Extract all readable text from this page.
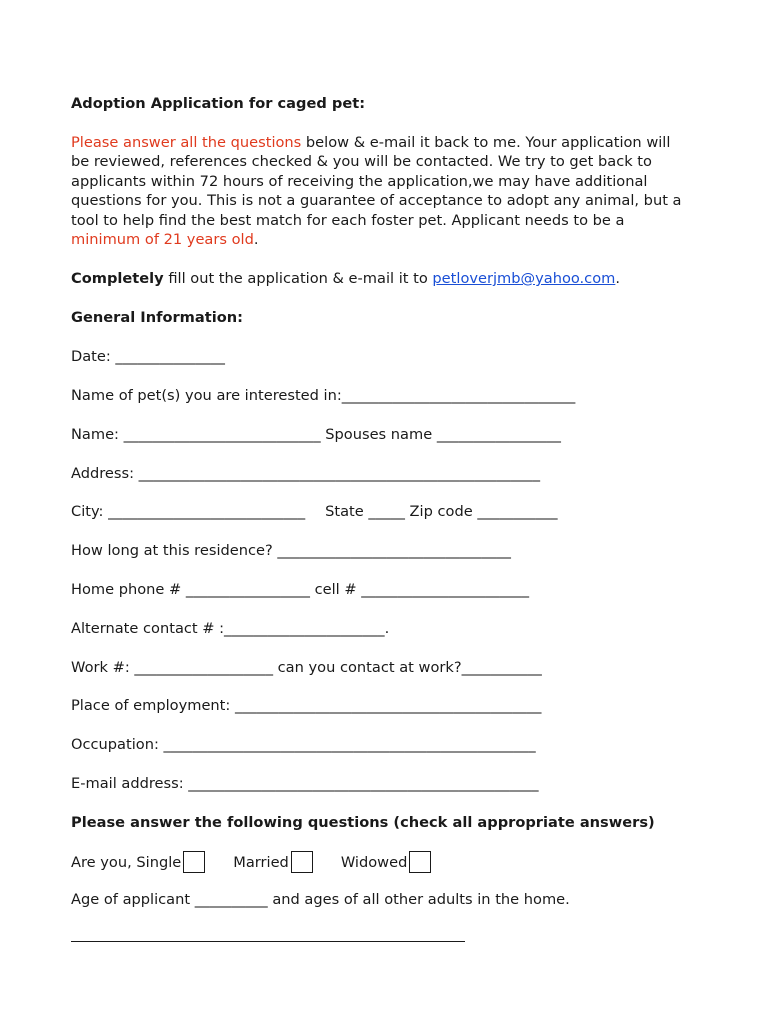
Adoption Application for caged pet:
Please answer all the questions below & e-mail it back to me. Your application will
be reviewed, references checked & you will be contacted. We try to get back to
applicants within 72 hours of receiving the application,we may have additional
questions for you. This is not a guarantee of acceptance to adopt any animal, but a
tool to help find the best match for each foster pet. Applicant needs to be a
minimum of 21 years old.
Completely fill out the application & e-mail it to petloverjmb@yahoo.com.
General Information:
Date: _______________
Name of pet(s) you are interested in:________________________________
Name: ___________________________ Spouses name _________________
Address: _______________________________________________________
City: ___________________________ State _____ Zip code ___________
How long at this residence? ________________________________
Home phone # _________________ cell # _______________________
Alternate contact # :______________________.
Work #: ___________________ can you contact at work?___________
Place of employment: __________________________________________
Occupation: ___________________________________________________
E-mail address: ________________________________________________
Please answer the following questions (check all appropriate answers)
Are you, Single	Married	Widowed
Age of applicant __________ and ages of all other adults in the home.
